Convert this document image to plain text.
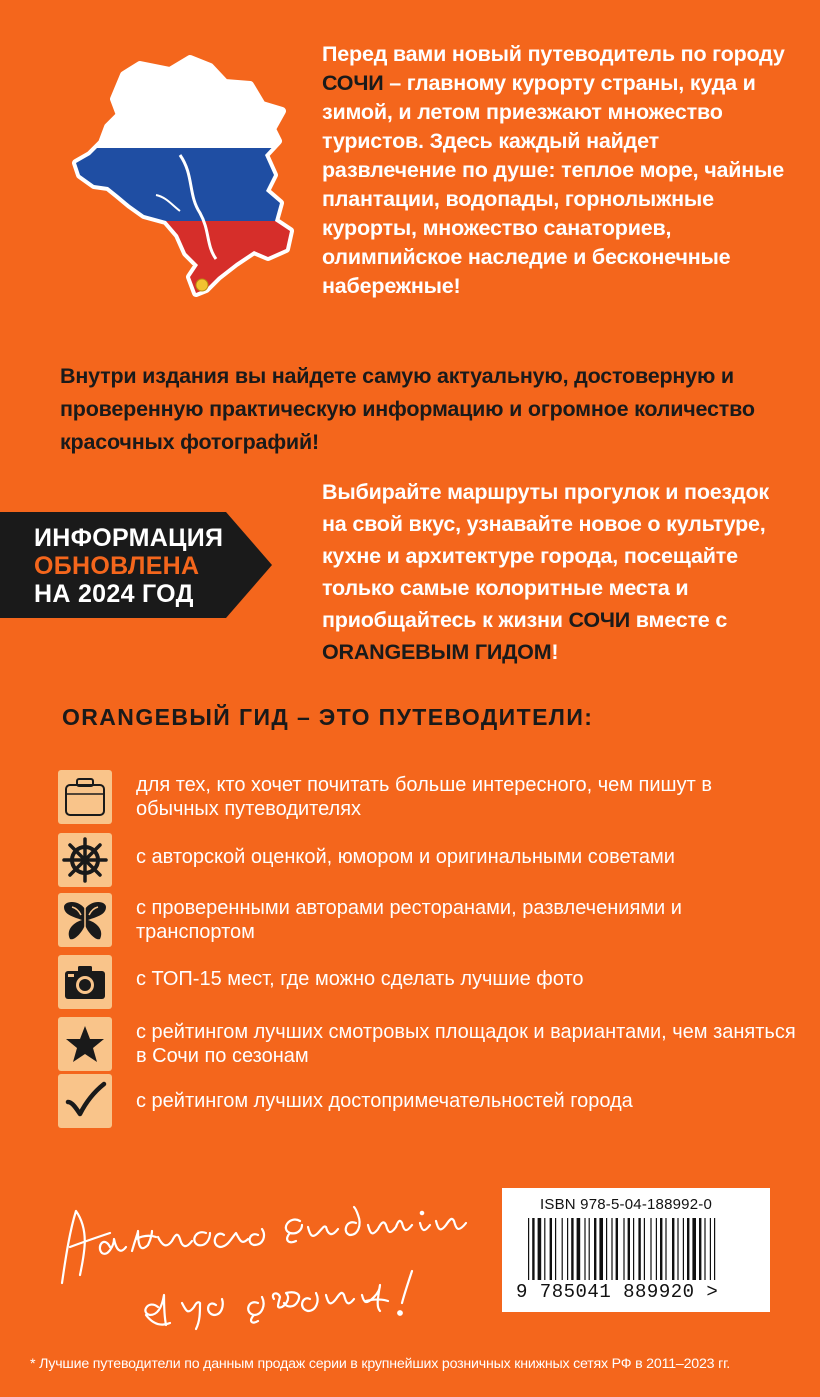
Перед вами новый путеводитель по городу СОЧИ – главному курорту страны, куда и зимой, и летом приезжают множество туристов. Здесь каждый найдет развлечение по душе: теплое море, чайные плантации, водопады, горнолыжные курорты, множество санаториев, олимпийское наследие и бесконечные набережные!

Внутри издания вы найдете самую актуальную, достоверную и проверенную практическую информацию и огромное количество красочных фотографий!

ИНФОРМАЦИЯ
ОБНОВЛЕНА
НА 2024 ГОД

Выбирайте маршруты прогулок и поездок на свой вкус, узнавайте новое о культуре, кухне и архитектуре города, посещайте только самые колоритные места и приобщайтесь к жизни СОЧИ вместе с ORANGEВЫМ ГИДОМ!

ORANGEВЫЙ ГИД – ЭТО ПУТЕВОДИТЕЛИ:
для тех, кто хочет почитать больше интересного, чем пишут в обычных путеводителях
с авторской оценкой, юмором и оригинальными советами
с проверенными авторами ресторанами, развлечениями и транспортом
с ТОП-15 мест, где можно сделать лучшие фото
с рейтингом лучших смотровых площадок и вариантами, чем заняться в Сочи по сезонам
с рейтингом лучших достопримечательностей города
ISBN 978-5-04-188992-0
9 785041 889920 >
* Лучшие путеводители по данным продаж серии в крупнейших розничных книжных сетях РФ в 2011–2023 гг.
